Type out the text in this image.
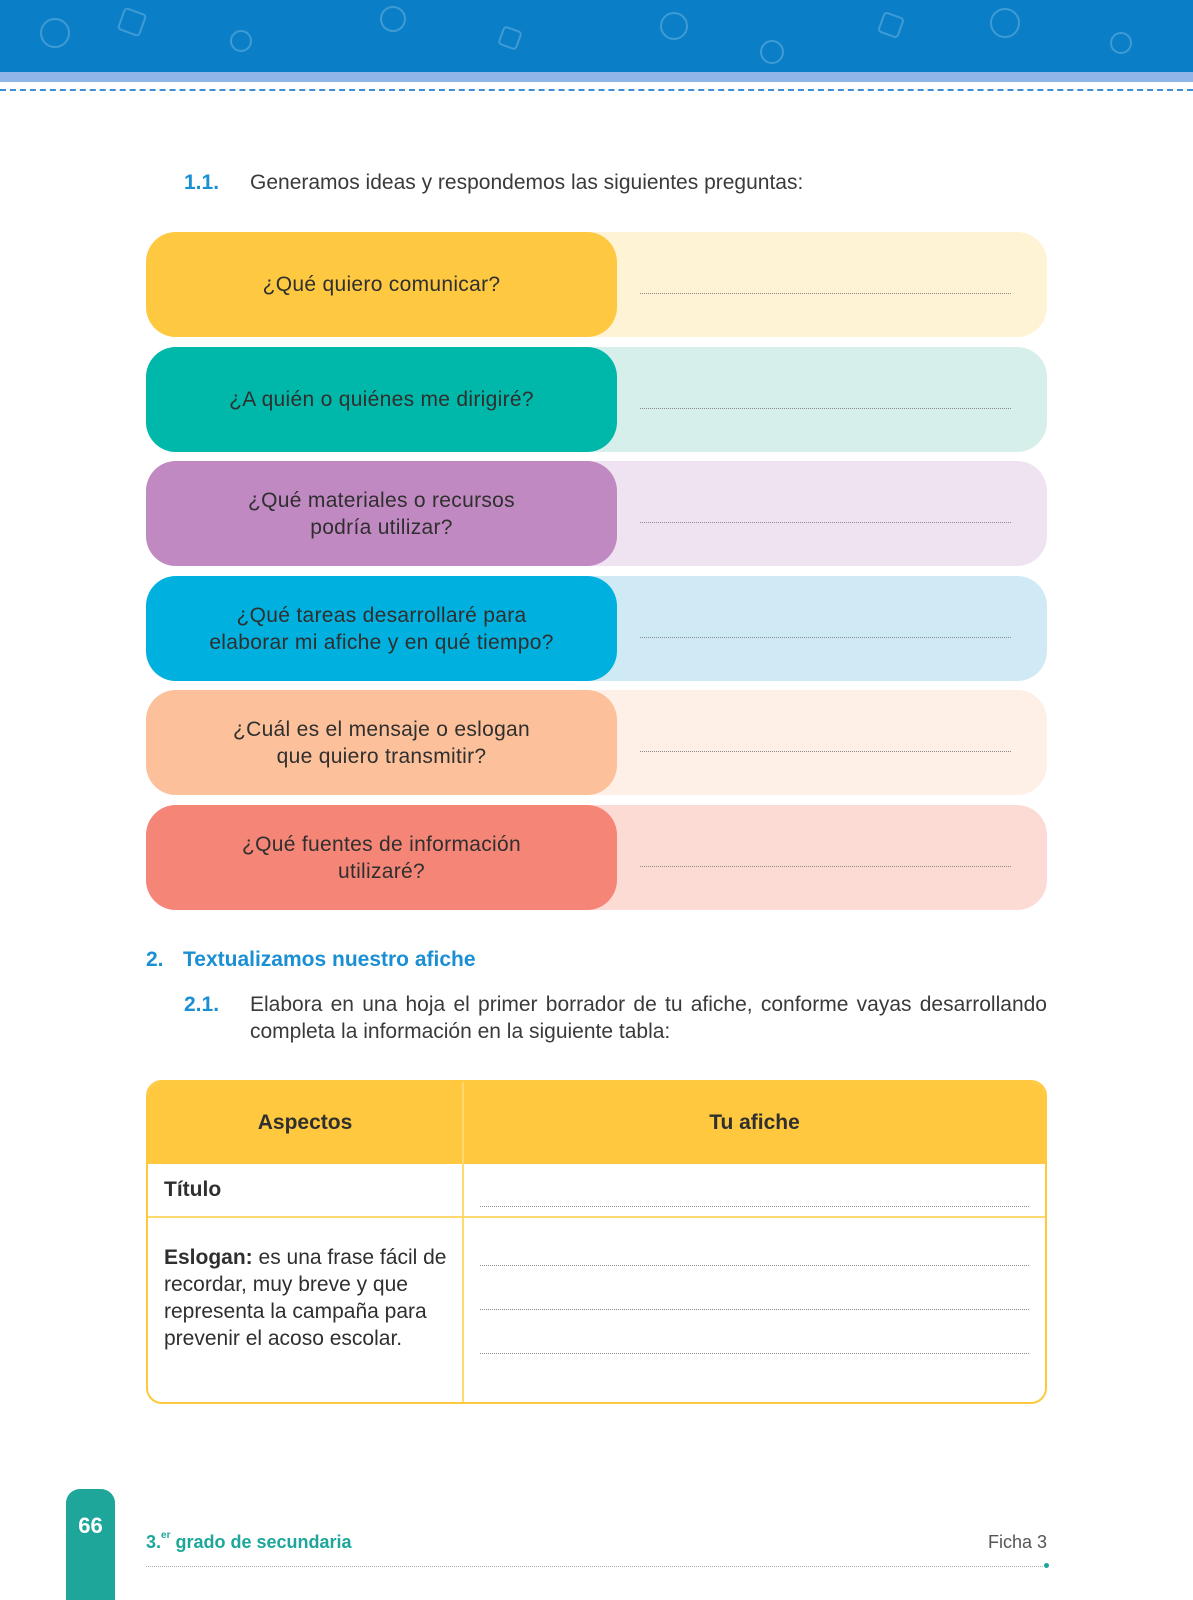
1.1. Generamos ideas y respondemos las siguientes preguntas:
¿Qué quiero comunicar?

¿A quién o quiénes me dirigiré?

¿Qué materiales o recursos
podría utilizar?
¿Qué tareas desarrollaré para
elaborar mi afiche y en qué tiempo?
¿Cuál es el mensaje o eslogan
que quiero transmitir?
¿Qué fuentes de información
utilizaré?
2. Textualizamos nuestro afiche
2.1. Elabora en una hoja el primer borrador de tu afiche, conforme vayas desarrollando completa la información en la siguiente tabla:
Aspectos	Tu afiche
Título
Eslogan: es una frase fácil de recordar, muy breve y que representa la campaña para prevenir el acoso escolar.
66
3.$^{er}$ grado de secundaria	Ficha 3
